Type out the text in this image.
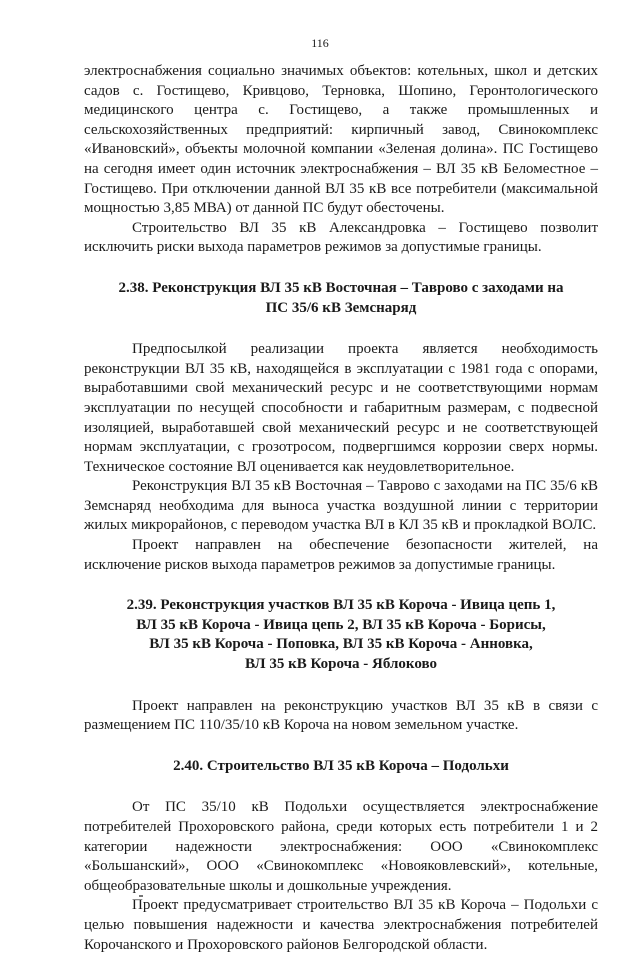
116

электроснабжения социально значимых объектов: котельных, школ и детских садов с. Гостищево, Кривцово, Терновка, Шопино, Геронтологического медицинского центра с. Гостищево, а также промышленных и сельскохозяйственных предприятий: кирпичный завод, Свинокомплекс «Ивановский», объекты молочной компании «Зеленая долина». ПС Гостищево на сегодня имеет один источник электроснабжения – ВЛ 35 кВ Беломестное – Гостищево. При отключении данной ВЛ 35 кВ все потребители (максимальной мощностью 3,85 МВА) от данной ПС будут обесточены.

Строительство ВЛ 35 кВ Александровка – Гостищево позволит исключить риски выхода параметров режимов за допустимые границы.

2.38. Реконструкция ВЛ 35 кВ Восточная – Таврово с заходами на
ПС 35/6 кВ Земснаряд

Предпосылкой реализации проекта является необходимость реконструкции ВЛ 35 кВ, находящейся в эксплуатации с 1981 года с опорами, выработавшими свой механический ресурс и не соответствующими нормам эксплуатации по несущей способности и габаритным размерам, с подвесной изоляцией, выработавшей свой механический ресурс и не соответствующей нормам эксплуатации, с грозотросом, подвергшимся коррозии сверх нормы. Техническое состояние ВЛ оценивается как неудовлетворительное.

Реконструкция ВЛ 35 кВ Восточная – Таврово с заходами на ПС 35/6 кВ Земснаряд необходима для выноса участка воздушной линии с территории жилых микрорайонов, с переводом участка ВЛ в КЛ 35 кВ и прокладкой ВОЛС.

Проект направлен на обеспечение безопасности жителей, на исключение рисков выхода параметров режимов за допустимые границы.

2.39. Реконструкция участков ВЛ 35 кВ Короча - Ивица цепь 1,
ВЛ 35 кВ Короча - Ивица цепь 2, ВЛ 35 кВ Короча - Борисы,
ВЛ 35 кВ Короча - Поповка, ВЛ 35 кВ Короча - Анновка,
ВЛ 35 кВ Короча - Яблоково

Проект направлен на реконструкцию участков ВЛ 35 кВ в связи с размещением ПС 110/35/10 кВ Короча на новом земельном участке.

2.40. Строительство ВЛ 35 кВ Короча – Подольхи

От ПС 35/10 кВ Подольхи осуществляется электроснабжение потребителей Прохоровского района, среди которых есть потребители 1 и 2 категории надежности электроснабжения: ООО «Свинокомплекс «Большанский», ООО «Свинокомплекс «Новояковлевский», котельные, общеобразовательные школы и дошкольные учреждения.

Проект предусматривает строительство ВЛ 35 кВ Короча – Подольхи с целью повышения надежности и качества электроснабжения потребителей Корочанского и Прохоровского районов Белгородской области.
